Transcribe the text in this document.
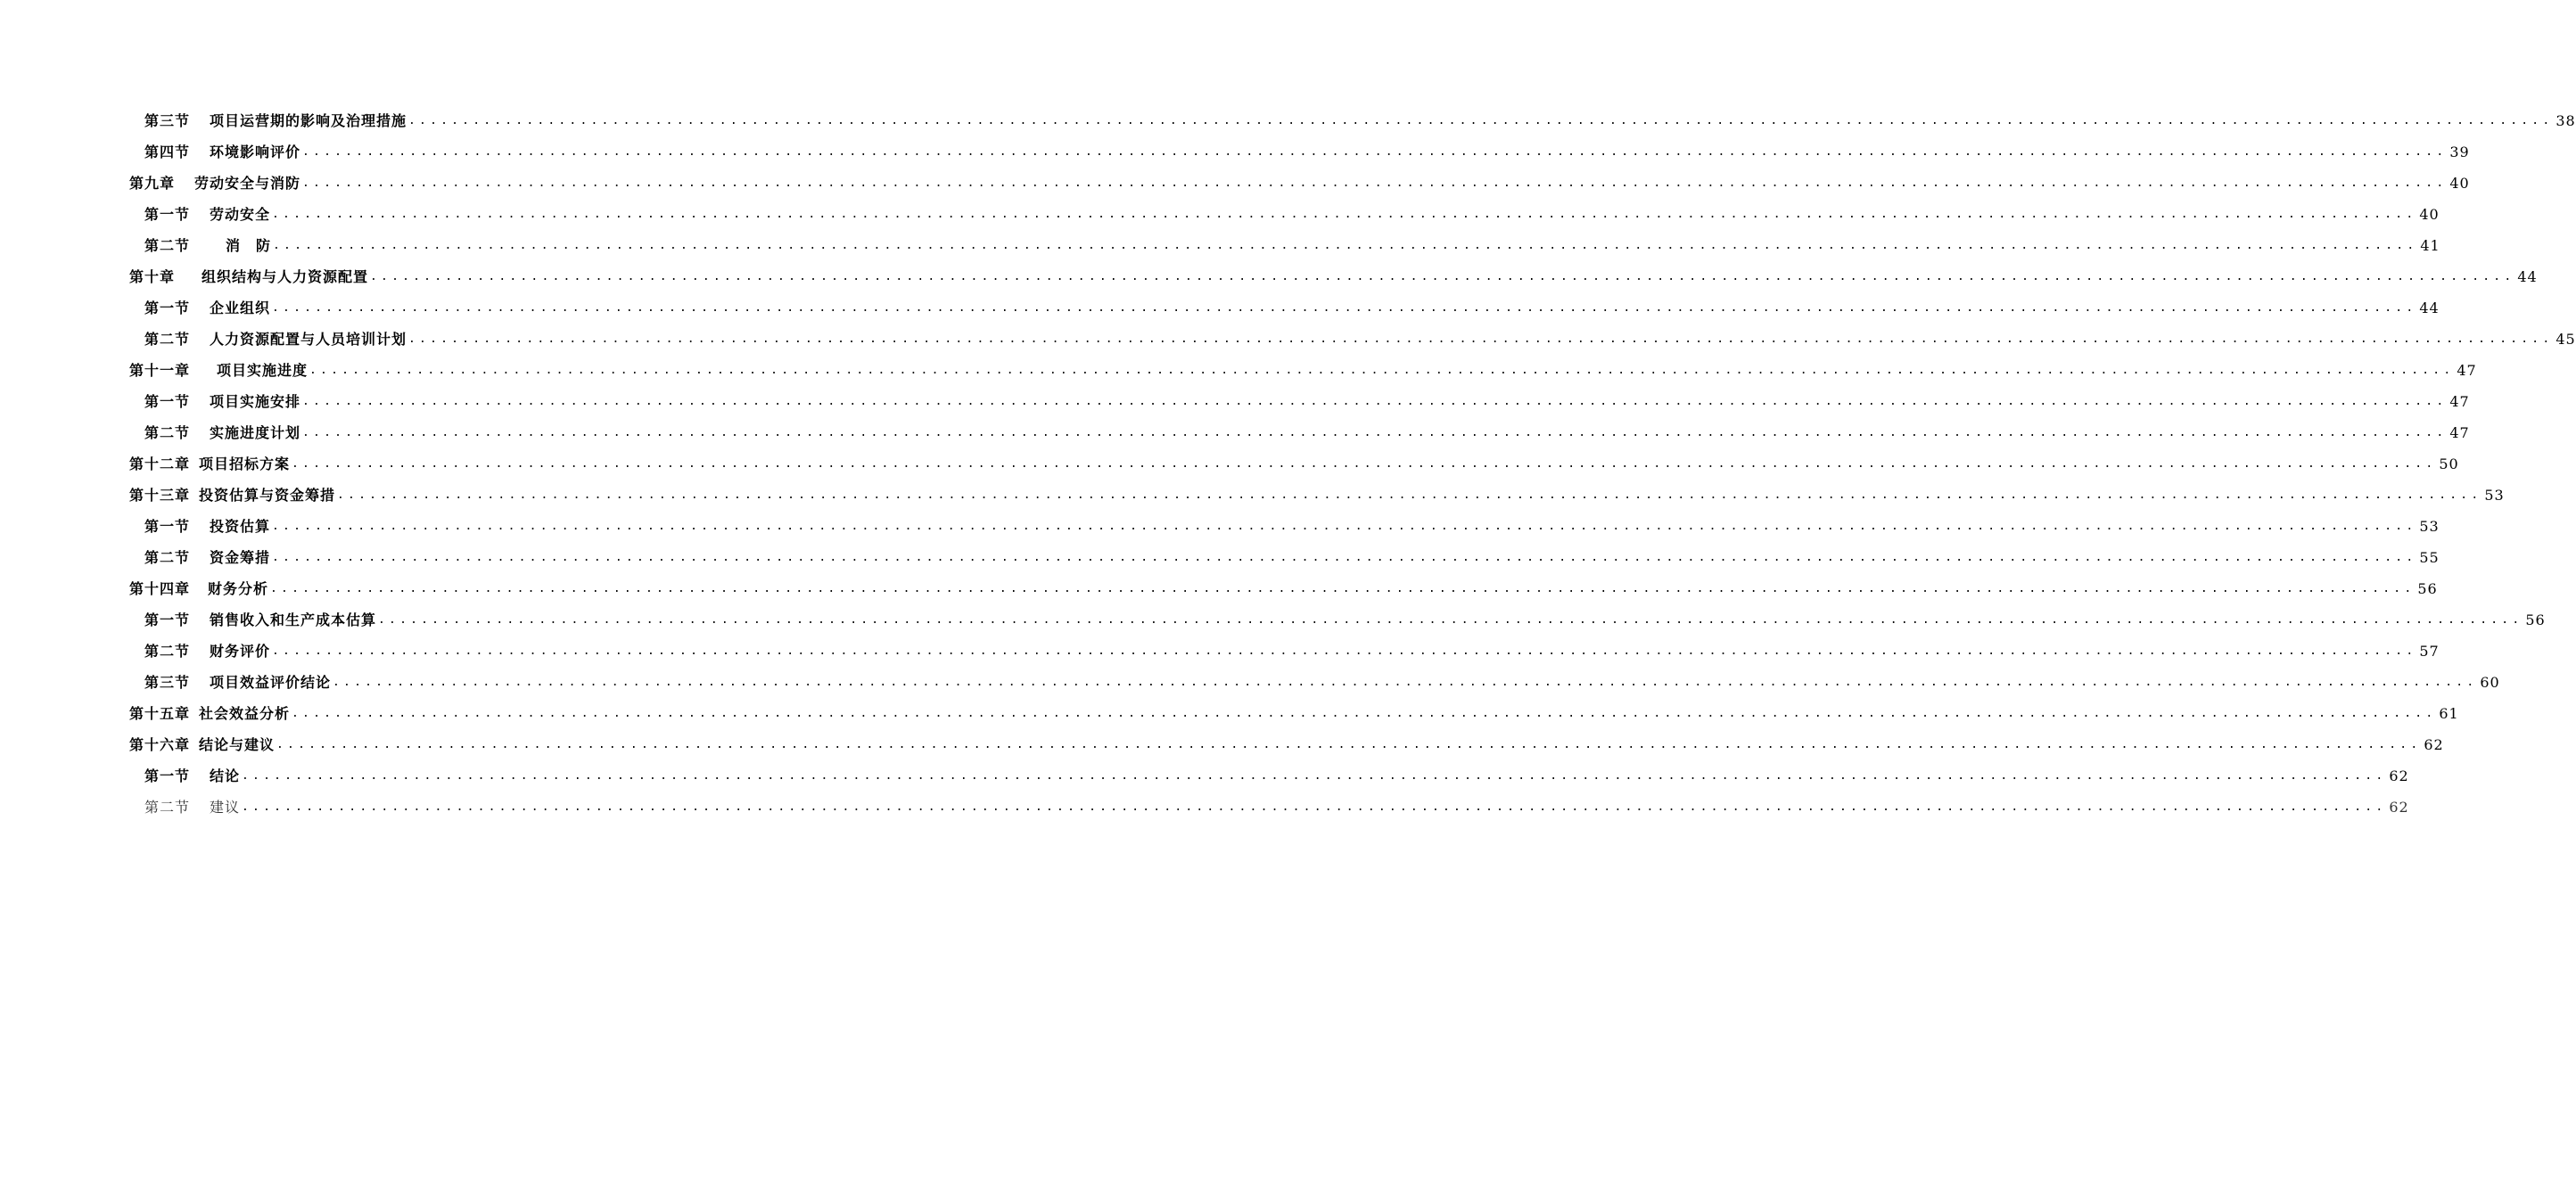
第三节 项目运营期的影响及治理措施 ........................................................................................................................................................................................................ 38
第四节 环境影响评价 ........................................................................................................................................................................................................ 39
第九章 劳动安全与消防 ........................................................................................................................................................................................................ 40
第一节 劳动安全 ........................................................................................................................................................................................................ 40
第二节	消　防 ........................................................................................................................................................................................................ 41
第十章 组织结构与人力资源配置 ........................................................................................................................................................................................................ 44
第一节 企业组织 ........................................................................................................................................................................................................ 44
第二节 人力资源配置与人员培训计划 ........................................................................................................................................................................................................ 45
第十一章 项目实施进度 ........................................................................................................................................................................................................ 47
第一节 项目实施安排 ........................................................................................................................................................................................................ 47
第二节 实施进度计划 ........................................................................................................................................................................................................ 47
第十二章 项目招标方案 ........................................................................................................................................................................................................ 50
第十三章 投资估算与资金筹措 ........................................................................................................................................................................................................ 53
第一节 投资估算 ........................................................................................................................................................................................................ 53
第二节 资金筹措 ........................................................................................................................................................................................................ 55
第十四章 财务分析 ........................................................................................................................................................................................................ 56
第一节 销售收入和生产成本估算 ........................................................................................................................................................................................................ 56
第二节 财务评价 ........................................................................................................................................................................................................ 57
第三节 项目效益评价结论 ........................................................................................................................................................................................................ 60
第十五章 社会效益分析 ........................................................................................................................................................................................................ 61
第十六章 结论与建议 ........................................................................................................................................................................................................ 62
第一节 结论 ........................................................................................................................................................................................................ 62
第二节 建议 ........................................................................................................................................................................................................ 62
